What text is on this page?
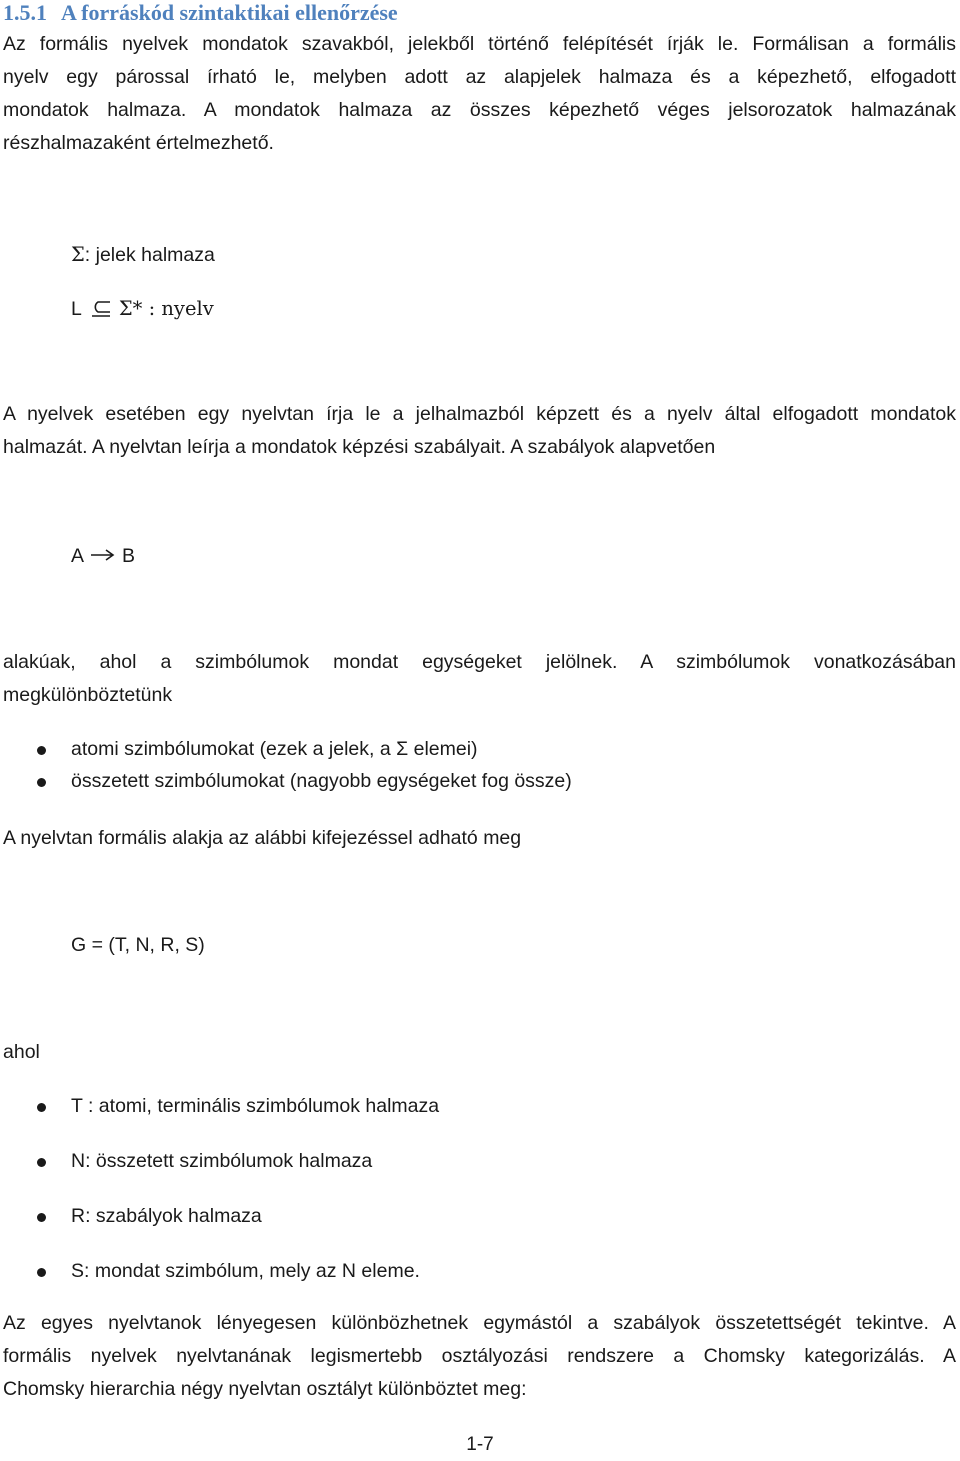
1.5.1 A forráskód szintaktikai ellenőrzése

Az formális nyelvek mondatok szavakból, jelekből történő felépítését írják le. Formálisan a formális
nyelv egy párossal írható le, melyben adott az alapjelek halmaza és a képezhető, elfogadott
mondatok halmaza. A mondatok halmaza az összes képezhető véges jelsorozatok halmazának
részhalmazaként értelmezhető.

Σ: jelek halmaza
L Σ* : nyelv

A nyelvek esetében egy nyelvtan írja le a jelhalmazból képzett és a nyelv által elfogadott mondatok
halmazát. A nyelvtan leírja a mondatok képzési szabályait. A szabályok alapvetően

A B

alakúak, ahol a szimbólumok mondat egységeket jelölnek. A szimbólumok vonatkozásában
megkülönböztetünk

atomi szimbólumokat (ezek a jelek, a Σ elemei)
összetett szimbólumokat (nagyobb egységeket fog össze)

A nyelvtan formális alakja az alábbi kifejezéssel adható meg

G = (T, N, R, S)

ahol

T : atomi, terminális szimbólumok halmaza
N: összetett szimbólumok halmaza
R: szabályok halmaza
S: mondat szimbólum, mely az N eleme.

Az egyes nyelvtanok lényegesen különbözhetnek egymástól a szabályok összetettségét tekintve. A
formális nyelvek nyelvtanának legismertebb osztályozási rendszere a Chomsky kategorizálás. A
Chomsky hierarchia négy nyelvtan osztályt különböztet meg:

1-7
